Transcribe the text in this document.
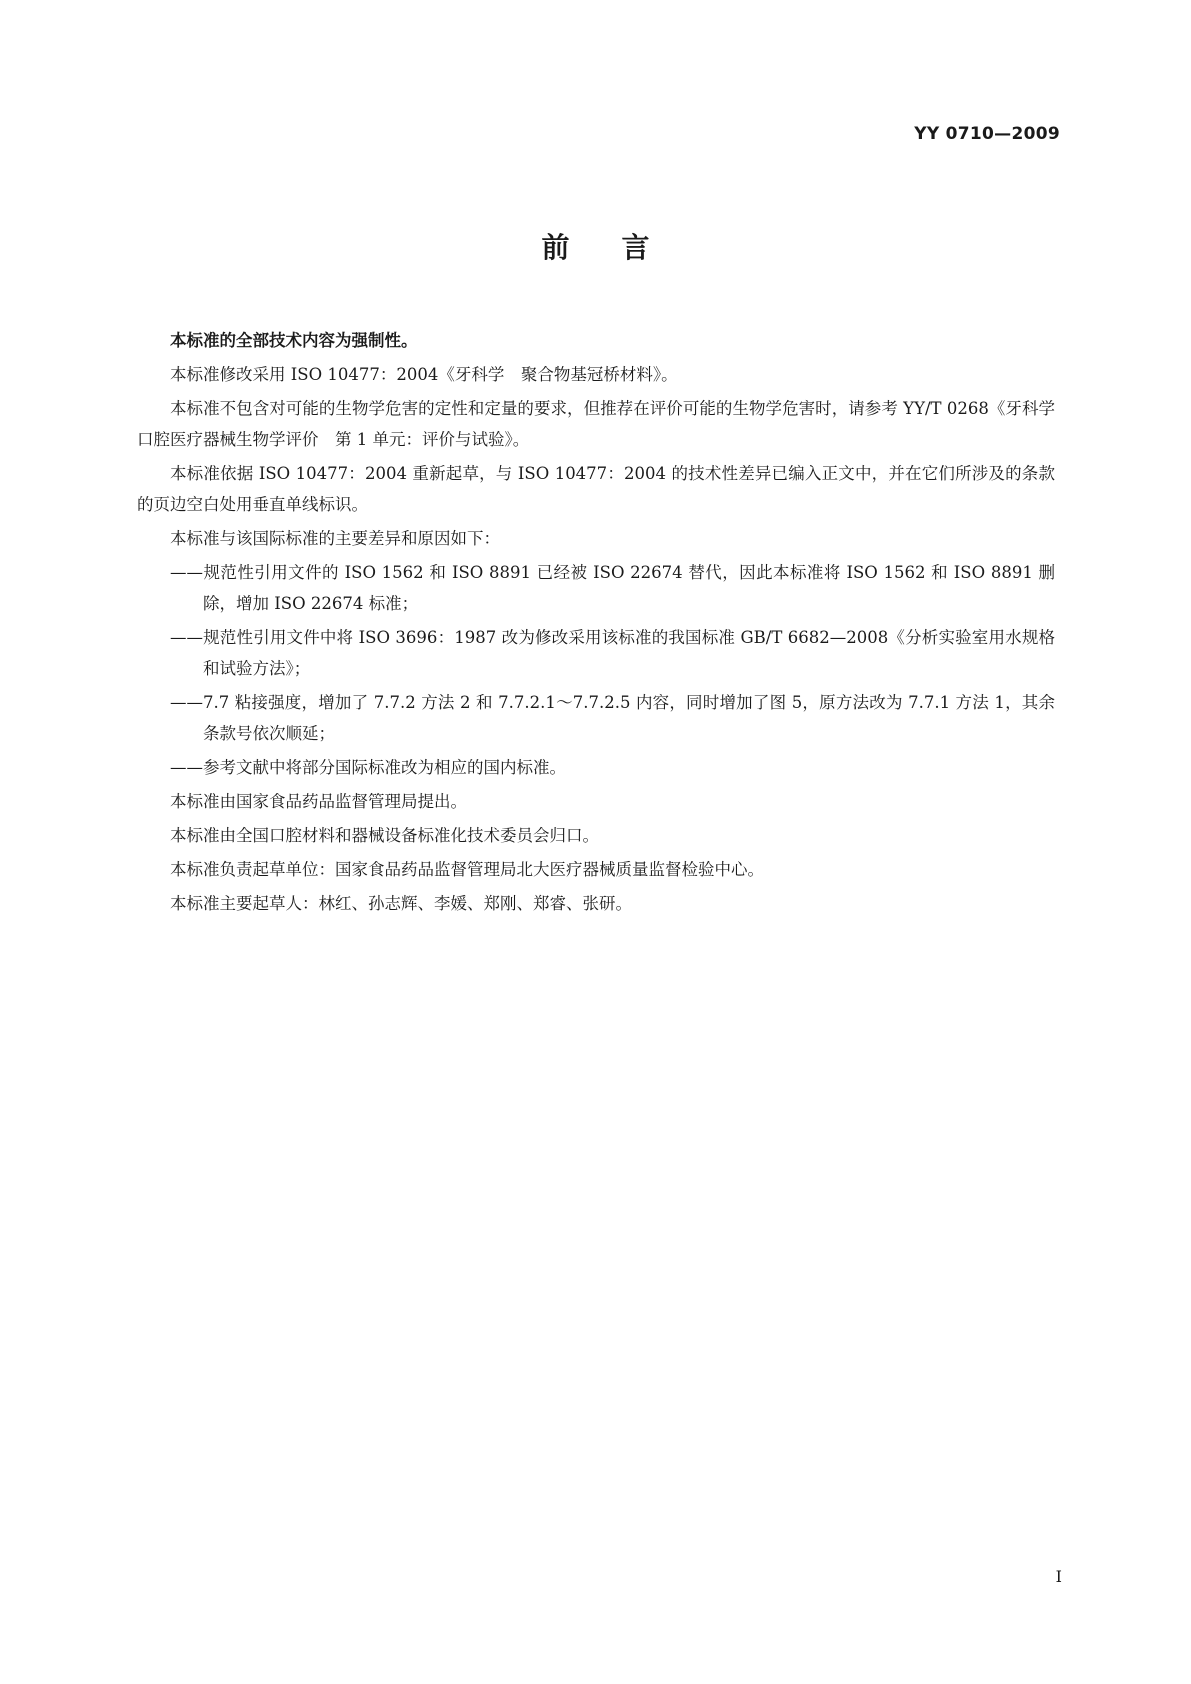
YY 0710—2009

前言

本标准的全部技术内容为强制性。

本标准修改采用 ISO 10477：2004《牙科学　聚合物基冠桥材料》。

本标准不包含对可能的生物学危害的定性和定量的要求，但推荐在评价可能的生物学危害时，请参考 YY/T 0268《牙科学　口腔医疗器械生物学评价　第 1 单元：评价与试验》。

本标准依据 ISO 10477：2004 重新起草，与 ISO 10477：2004 的技术性差异已编入正文中，并在它们所涉及的条款的页边空白处用垂直单线标识。

本标准与该国际标准的主要差异和原因如下：

——规范性引用文件的 ISO 1562 和 ISO 8891 已经被 ISO 22674 替代，因此本标准将 ISO 1562 和 ISO 8891 删除，增加 ISO 22674 标准；

——规范性引用文件中将 ISO 3696：1987 改为修改采用该标准的我国标准 GB/T 6682—2008《分析实验室用水规格和试验方法》；

——7.7 粘接强度，增加了 7.7.2 方法 2 和 7.7.2.1～7.7.2.5 内容，同时增加了图 5，原方法改为 7.7.1 方法 1，其余条款号依次顺延；

——参考文献中将部分国际标准改为相应的国内标准。

本标准由国家食品药品监督管理局提出。

本标准由全国口腔材料和器械设备标准化技术委员会归口。

本标准负责起草单位：国家食品药品监督管理局北大医疗器械质量监督检验中心。

本标准主要起草人：林红、孙志辉、李媛、郑刚、郑睿、张研。

I
